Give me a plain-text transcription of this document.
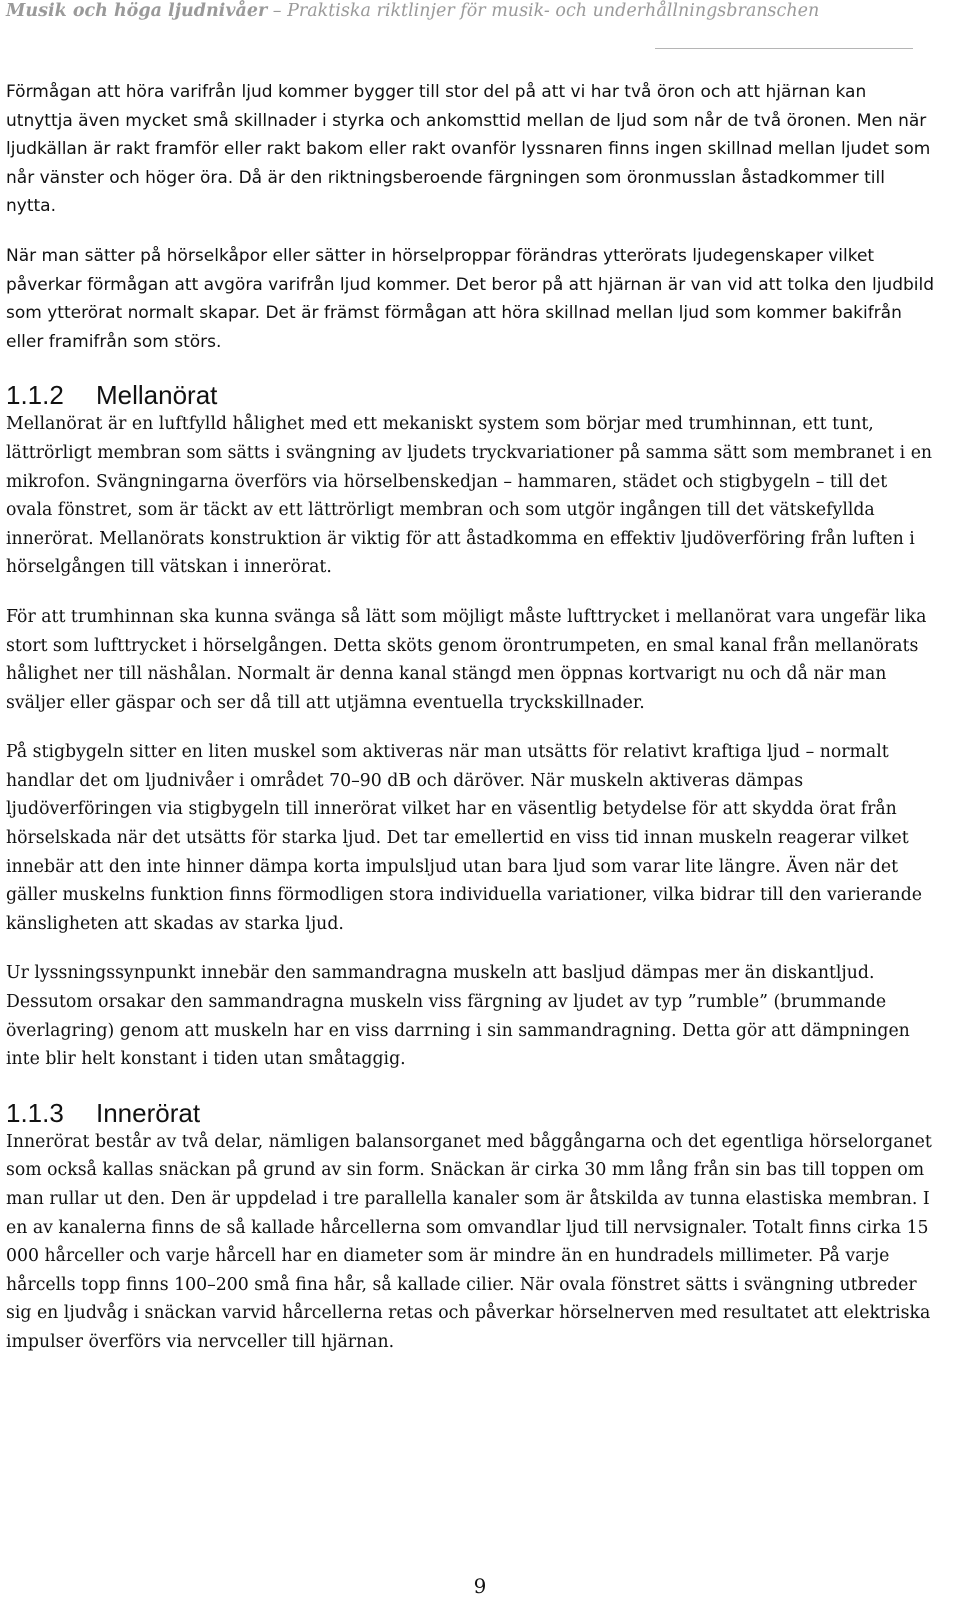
Musik och höga ljudnivåer – Praktiska riktlinjer för musik- och underhållningsbranschen

Förmågan att höra varifrån ljud kommer bygger till stor del på att vi har två öron och att hjärnan kan utnyttja även mycket små skillnader i styrka och ankomsttid mellan de ljud som når de två öronen. Men när ljudkällan är rakt framför eller rakt bakom eller rakt ovanför lyssnaren finns ingen skillnad mellan ljudet som når vänster och höger öra. Då är den riktningsberoende färgningen som öronmusslan åstadkommer till nytta.

När man sätter på hörselkåpor eller sätter in hörselproppar förändras ytterörats ljudegenskaper vilket påverkar förmågan att avgöra varifrån ljud kommer. Det beror på att hjärnan är van vid att tolka den ljudbild som ytterörat normalt skapar. Det är främst förmågan att höra skillnad mellan ljud som kommer bakifrån eller framifrån som störs.

1.1.2 Mellanörat

Mellanörat är en luftfylld hålighet med ett mekaniskt system som börjar med trumhinnan, ett tunt, lättrörligt membran som sätts i svängning av ljudets tryckvariationer på samma sätt som membranet i en mikrofon. Svängningarna överförs via hörselbenskedjan – hammaren, städet och stigbygeln – till det ovala fönstret, som är täckt av ett lättrörligt membran och som utgör ingången till det vätskefyllda innerörat. Mellanörats konstruktion är viktig för att åstadkomma en effektiv ljudöverföring från luften i hörselgången till vätskan i innerörat.

För att trumhinnan ska kunna svänga så lätt som möjligt måste lufttrycket i mellanörat vara ungefär lika stort som lufttrycket i hörselgången. Detta sköts genom örontrumpeten, en smal kanal från mellanörats hålighet ner till näshålan. Normalt är denna kanal stängd men öppnas kortvarigt nu och då när man sväljer eller gäspar och ser då till att utjämna eventuella tryckskillnader.

På stigbygeln sitter en liten muskel som aktiveras när man utsätts för relativt kraftiga ljud – normalt handlar det om ljudnivåer i området 70–90 dB och däröver. När muskeln aktiveras dämpas ljudöverföringen via stigbygeln till innerörat vilket har en väsentlig betydelse för att skydda örat från hörselskada när det utsätts för starka ljud. Det tar emellertid en viss tid innan muskeln reagerar vilket innebär att den inte hinner dämpa korta impulsljud utan bara ljud som varar lite längre. Även när det gäller muskelns funktion finns förmodligen stora individuella variationer, vilka bidrar till den varierande känsligheten att skadas av starka ljud.

Ur lyssningssynpunkt innebär den sammandragna muskeln att basljud dämpas mer än diskantljud. Dessutom orsakar den sammandragna muskeln viss färgning av ljudet av typ ”rumble” (brummande överlagring) genom att muskeln har en viss darrning i sin sammandragning. Detta gör att dämpningen inte blir helt konstant i tiden utan småtaggig.

1.1.3 Innerörat

Innerörat består av två delar, nämligen balansorganet med båggångarna och det egentliga hörselorganet som också kallas snäckan på grund av sin form. Snäckan är cirka 30 mm lång från sin bas till toppen om man rullar ut den. Den är uppdelad i tre parallella kanaler som är åtskilda av tunna elastiska membran. I en av kanalerna finns de så kallade hårcellerna som omvandlar ljud till nervsignaler. Totalt finns cirka 15 000 hårceller och varje hårcell har en diameter som är mindre än en hundradels millimeter. På varje hårcells topp finns 100–200 små fina hår, så kallade cilier. När ovala fönstret sätts i svängning utbreder sig en ljudvåg i snäckan varvid hårcellerna retas och påverkar hörselnerven med resultatet att elektriska impulser överförs via nervceller till hjärnan.

9
